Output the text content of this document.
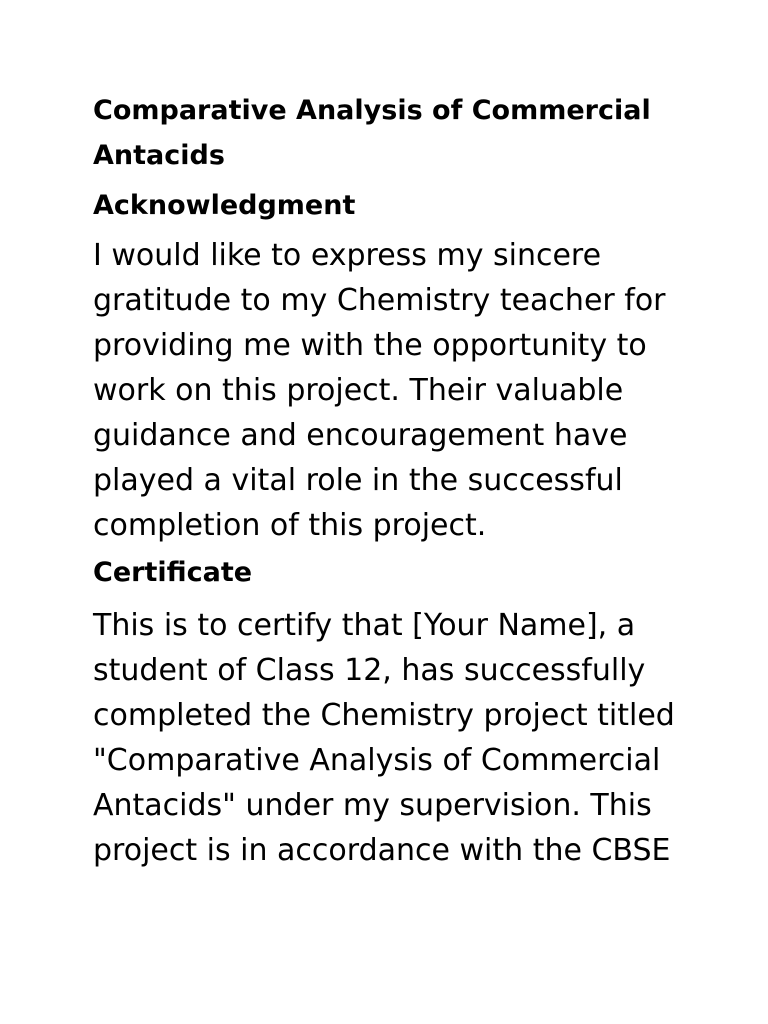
Comparative Analysis of Commercial Antacids
Acknowledgment

I would like to express my sincere gratitude to my Chemistry teacher for providing me with the opportunity to work on this project. Their valuable guidance and encouragement have played a vital role in the successful completion of this project.

Certificate

This is to certify that [Your Name], a student of Class 12, has successfully completed the Chemistry project titled "Comparative Analysis of Commercial Antacids" under my supervision. This project is in accordance with the CBSE
